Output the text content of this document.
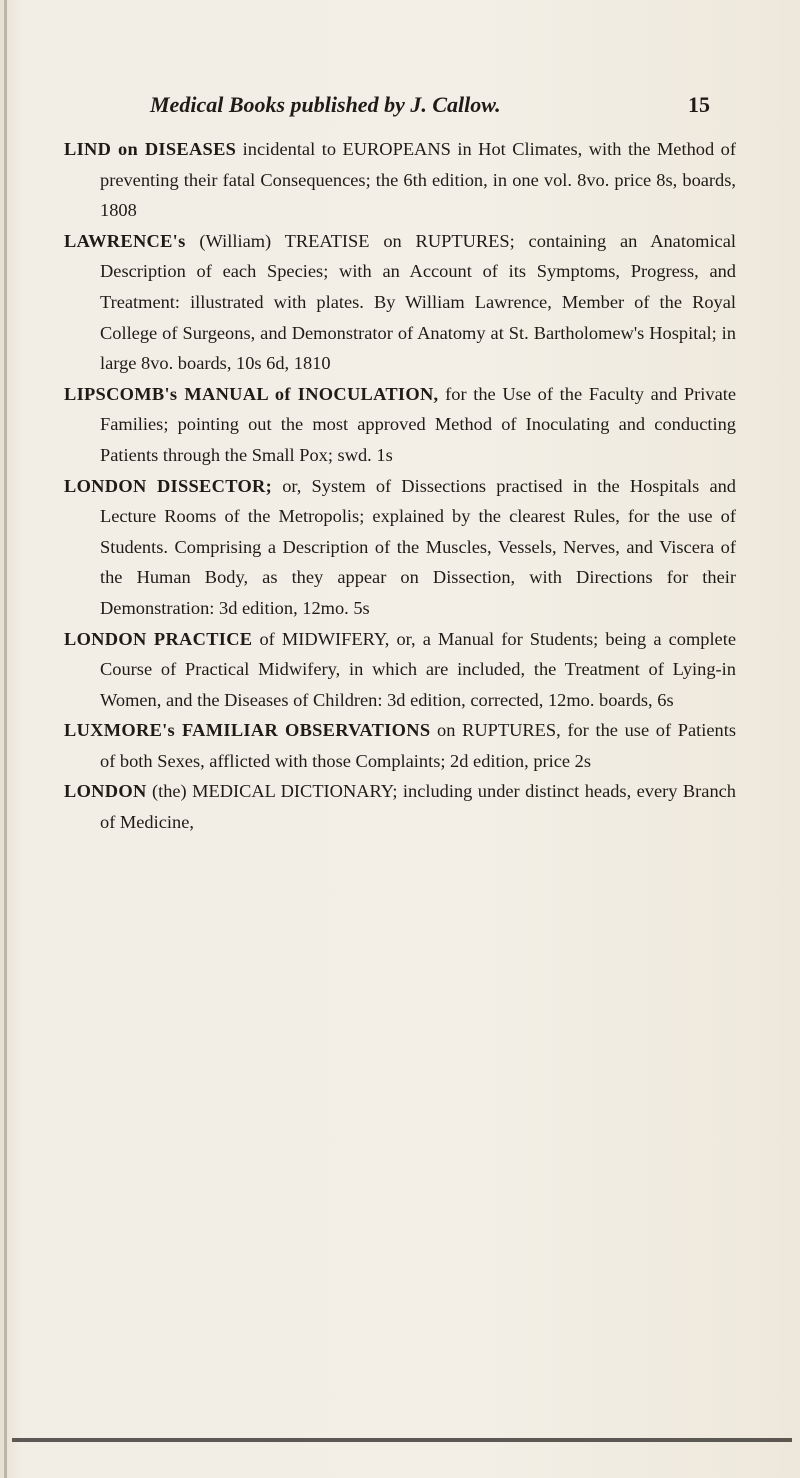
Medical Books published by J. Callow.	15

LIND on DISEASES incidental to EUROPEANS in Hot Climates, with the Method of preventing their fatal Consequences; the 6th edition, in one vol. 8vo. price 8s, boards, 1808

LAWRENCE's (William) TREATISE on RUPTURES; containing an Anatomical Description of each Species; with an Account of its Symptoms, Progress, and Treatment: illustrated with plates. By William Lawrence, Member of the Royal College of Surgeons, and Demonstrator of Anatomy at St. Bartholomew's Hospital; in large 8vo. boards, 10s 6d, 1810

LIPSCOMB's MANUAL of INOCULATION, for the Use of the Faculty and Private Families; pointing out the most approved Method of Inoculating and conducting Patients through the Small Pox; swd. 1s

LONDON DISSECTOR; or, System of Dissections practised in the Hospitals and Lecture Rooms of the Metropolis; explained by the clearest Rules, for the use of Students. Comprising a Description of the Muscles, Vessels, Nerves, and Viscera of the Human Body, as they appear on Dissection, with Directions for their Demonstration: 3d edition, 12mo. 5s

LONDON PRACTICE of MIDWIFERY, or, a Manual for Students; being a complete Course of Practical Midwifery, in which are included, the Treatment of Lying-in Women, and the Diseases of Children: 3d edition, corrected, 12mo. boards, 6s

LUXMORE's FAMILIAR OBSERVATIONS on RUPTURES, for the use of Patients of both Sexes, afflicted with those Complaints; 2d edition, price 2s

LONDON (the) MEDICAL DICTIONARY; including under distinct heads, every Branch of Medicine,
